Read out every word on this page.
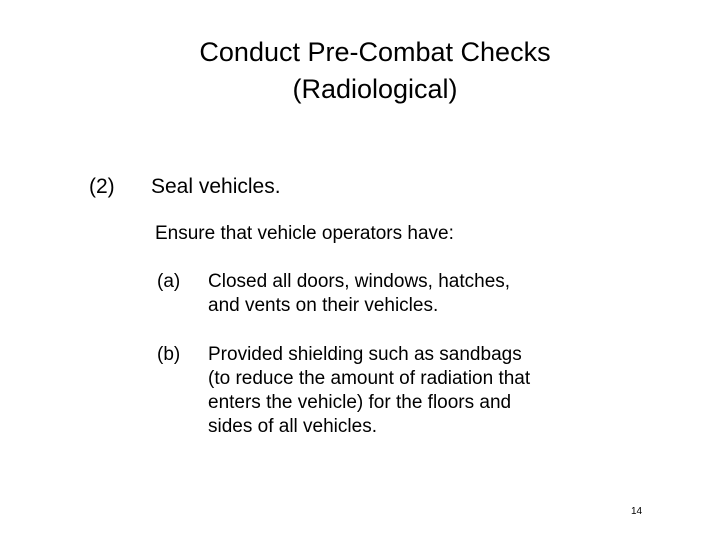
Conduct Pre-Combat Checks
(Radiological)
(2) Seal vehicles.
Ensure that vehicle operators have:
(a) Closed all doors, windows, hatches,
and vents on their vehicles.
(b) Provided shielding such as sandbags
(to reduce the amount of radiation that
enters the vehicle) for the floors and
sides of all vehicles.
14
